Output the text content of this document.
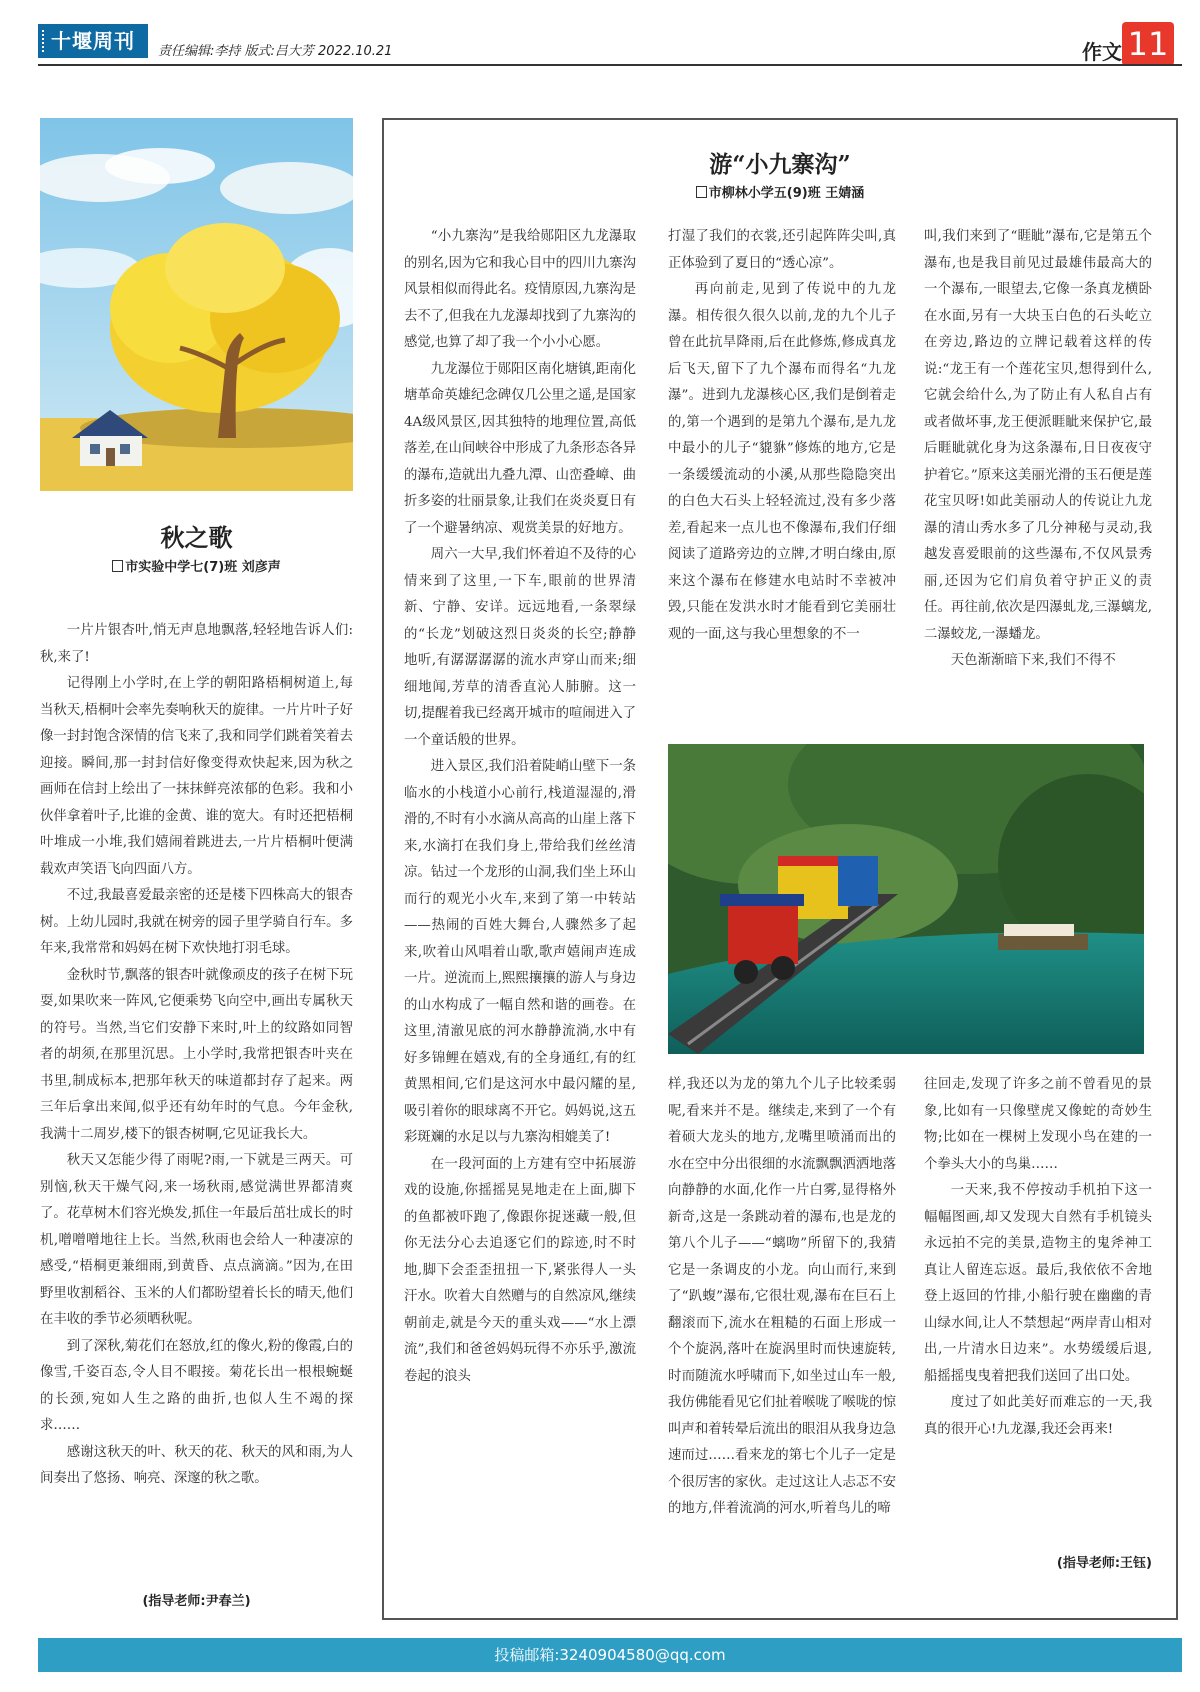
十堰周刊	责任编辑:李持 版式:吕大芳 2022.10.21	作文 11
秋之歌
市实验中学七(7)班 刘彦声

一片片银杏叶,悄无声息地飘落,轻轻地告诉人们:秋,来了!

记得刚上小学时,在上学的朝阳路梧桐树道上,每当秋天,梧桐叶会率先奏响秋天的旋律。一片片叶子好像一封封饱含深情的信飞来了,我和同学们跳着笑着去迎接。瞬间,那一封封信好像变得欢快起来,因为秋之画师在信封上绘出了一抹抹鲜亮浓郁的色彩。我和小伙伴拿着叶子,比谁的金黄、谁的宽大。有时还把梧桐叶堆成一小堆,我们嬉闹着跳进去,一片片梧桐叶便满载欢声笑语飞向四面八方。

不过,我最喜爱最亲密的还是楼下四株高大的银杏树。上幼儿园时,我就在树旁的园子里学骑自行车。多年来,我常常和妈妈在树下欢快地打羽毛球。

金秋时节,飘落的银杏叶就像顽皮的孩子在树下玩耍,如果吹来一阵风,它便乘势飞向空中,画出专属秋天的符号。当然,当它们安静下来时,叶上的纹路如同智者的胡须,在那里沉思。上小学时,我常把银杏叶夹在书里,制成标本,把那年秋天的味道都封存了起来。两三年后拿出来闻,似乎还有幼年时的气息。今年金秋,我满十二周岁,楼下的银杏树啊,它见证我长大。

秋天又怎能少得了雨呢?雨,一下就是三两天。可别恼,秋天干燥气闷,来一场秋雨,感觉满世界都清爽了。花草树木们容光焕发,抓住一年最后茁壮成长的时机,噌噌噌地往上长。当然,秋雨也会给人一种凄凉的感受,“梧桐更兼细雨,到黄昏、点点滴滴。”因为,在田野里收割稻谷、玉米的人们都盼望着长长的晴天,他们在丰收的季节必须晒秋呢。

到了深秋,菊花们在怒放,红的像火,粉的像霞,白的像雪,千姿百态,令人目不暇接。菊花长出一根根蜿蜒的长颈,宛如人生之路的曲折,也似人生不竭的探求……

感谢这秋天的叶、秋天的花、秋天的风和雨,为人间奏出了悠扬、响亮、深邃的秋之歌。

(指导老师:尹春兰)
游“小九寨沟”
市柳林小学五(9)班 王婧涵

“小九寨沟”是我给郧阳区九龙瀑取的别名,因为它和我心目中的四川九寨沟风景相似而得此名。疫情原因,九寨沟是去不了,但我在九龙瀑却找到了九寨沟的感觉,也算了却了我一个小小心愿。

九龙瀑位于郧阳区南化塘镇,距南化塘革命英雄纪念碑仅几公里之遥,是国家4A级风景区,因其独特的地理位置,高低落差,在山间峡谷中形成了九条形态各异的瀑布,造就出九叠九潭、山峦叠嶂、曲折多姿的壮丽景象,让我们在炎炎夏日有了一个避暑纳凉、观赏美景的好地方。

周六一大早,我们怀着迫不及待的心情来到了这里,一下车,眼前的世界清新、宁静、安详。远远地看,一条翠绿的“长龙”划破这烈日炎炎的长空;静静地听,有潺潺潺潺的流水声穿山而来;细细地闻,芳草的清香直沁人肺腑。这一切,提醒着我已经离开城市的喧闹进入了一个童话般的世界。

进入景区,我们沿着陡峭山壁下一条临水的小栈道小心前行,栈道湿湿的,滑滑的,不时有小水滴从高高的山崖上落下来,水滴打在我们身上,带给我们丝丝清凉。钻过一个龙形的山洞,我们坐上环山而行的观光小火车,来到了第一中转站——热闹的百姓大舞台,人骤然多了起来,吹着山风唱着山歌,歌声嬉闹声连成一片。逆流而上,熙熙攘攘的游人与身边的山水构成了一幅自然和谐的画卷。在这里,清澈见底的河水静静流淌,水中有好多锦鲤在嬉戏,有的全身通红,有的红黄黑相间,它们是这河水中最闪耀的星,吸引着你的眼球离不开它。妈妈说,这五彩斑斓的水足以与九寨沟相媲美了!

在一段河面的上方建有空中拓展游戏的设施,你摇摇晃晃地走在上面,脚下的鱼都被吓跑了,像跟你捉迷藏一般,但你无法分心去追逐它们的踪迹,时不时地,脚下会歪歪扭扭一下,紧张得人一头汗水。吹着大自然赠与的自然凉风,继续朝前走,就是今天的重头戏——“水上漂流”,我们和爸爸妈妈玩得不亦乐乎,激流卷起的浪头

打湿了我们的衣裳,还引起阵阵尖叫,真正体验到了夏日的“透心凉”。

再向前走,见到了传说中的九龙瀑。相传很久很久以前,龙的九个儿子曾在此抗旱降雨,后在此修炼,修成真龙后飞天,留下了九个瀑布而得名“九龙瀑”。进到九龙瀑核心区,我们是倒着走的,第一个遇到的是第九个瀑布,是九龙中最小的儿子“貔貅”修炼的地方,它是一条缓缓流动的小溪,从那些隐隐突出的白色大石头上轻轻流过,没有多少落差,看起来一点儿也不像瀑布,我们仔细阅读了道路旁边的立牌,才明白缘由,原来这个瀑布在修建水电站时不幸被冲毁,只能在发洪水时才能看到它美丽壮观的一面,这与我心里想象的不一

叫,我们来到了“睚眦”瀑布,它是第五个瀑布,也是我目前见过最雄伟最高大的一个瀑布,一眼望去,它像一条真龙横卧在水面,另有一大块玉白色的石头屹立在旁边,路边的立牌记载着这样的传说:“龙王有一个莲花宝贝,想得到什么,它就会给什么,为了防止有人私自占有或者做坏事,龙王便派睚眦来保护它,最后睚眦就化身为这条瀑布,日日夜夜守护着它。”原来这美丽光滑的玉石便是莲花宝贝呀!如此美丽动人的传说让九龙瀑的清山秀水多了几分神秘与灵动,我越发喜爱眼前的这些瀑布,不仅风景秀丽,还因为它们肩负着守护正义的责任。再往前,依次是四瀑虬龙,三瀑螭龙,二瀑蛟龙,一瀑蟠龙。

天色渐渐暗下来,我们不得不

样,我还以为龙的第九个儿子比较柔弱呢,看来并不是。继续走,来到了一个有着硕大龙头的地方,龙嘴里喷涌而出的水在空中分出很细的水流飘飘洒洒地落向静静的水面,化作一片白雾,显得格外新奇,这是一条跳动着的瀑布,也是龙的第八个儿子——“螭吻”所留下的,我猜它是一条调皮的小龙。向山而行,来到了“趴蝮”瀑布,它很壮观,瀑布在巨石上翻滚而下,流水在粗糙的石面上形成一个个旋涡,落叶在旋涡里时而快速旋转,时而随流水呼啸而下,如坐过山车一般,我仿佛能看见它们扯着喉咙了喉咙的惊叫声和着转晕后流出的眼泪从我身边急速而过……看来龙的第七个儿子一定是个很厉害的家伙。走过这让人忐忑不安的地方,伴着流淌的河水,听着鸟儿的啼

往回走,发现了许多之前不曾看见的景象,比如有一只像壁虎又像蛇的奇妙生物;比如在一棵树上发现小鸟在建的一个拳头大小的鸟巢……

一天来,我不停按动手机拍下这一幅幅图画,却又发现大自然有手机镜头永远拍不完的美景,造物主的鬼斧神工真让人留连忘返。最后,我依依不舍地登上返回的竹排,小船行驶在幽幽的青山绿水间,让人不禁想起“两岸青山相对出,一片清水日边来”。水势缓缓后退,船摇摇曳曳着把我们送回了出口处。

度过了如此美好而难忘的一天,我真的很开心!九龙瀑,我还会再来!

(指导老师:王钰)
投稿邮箱:3240904580@qq.com
